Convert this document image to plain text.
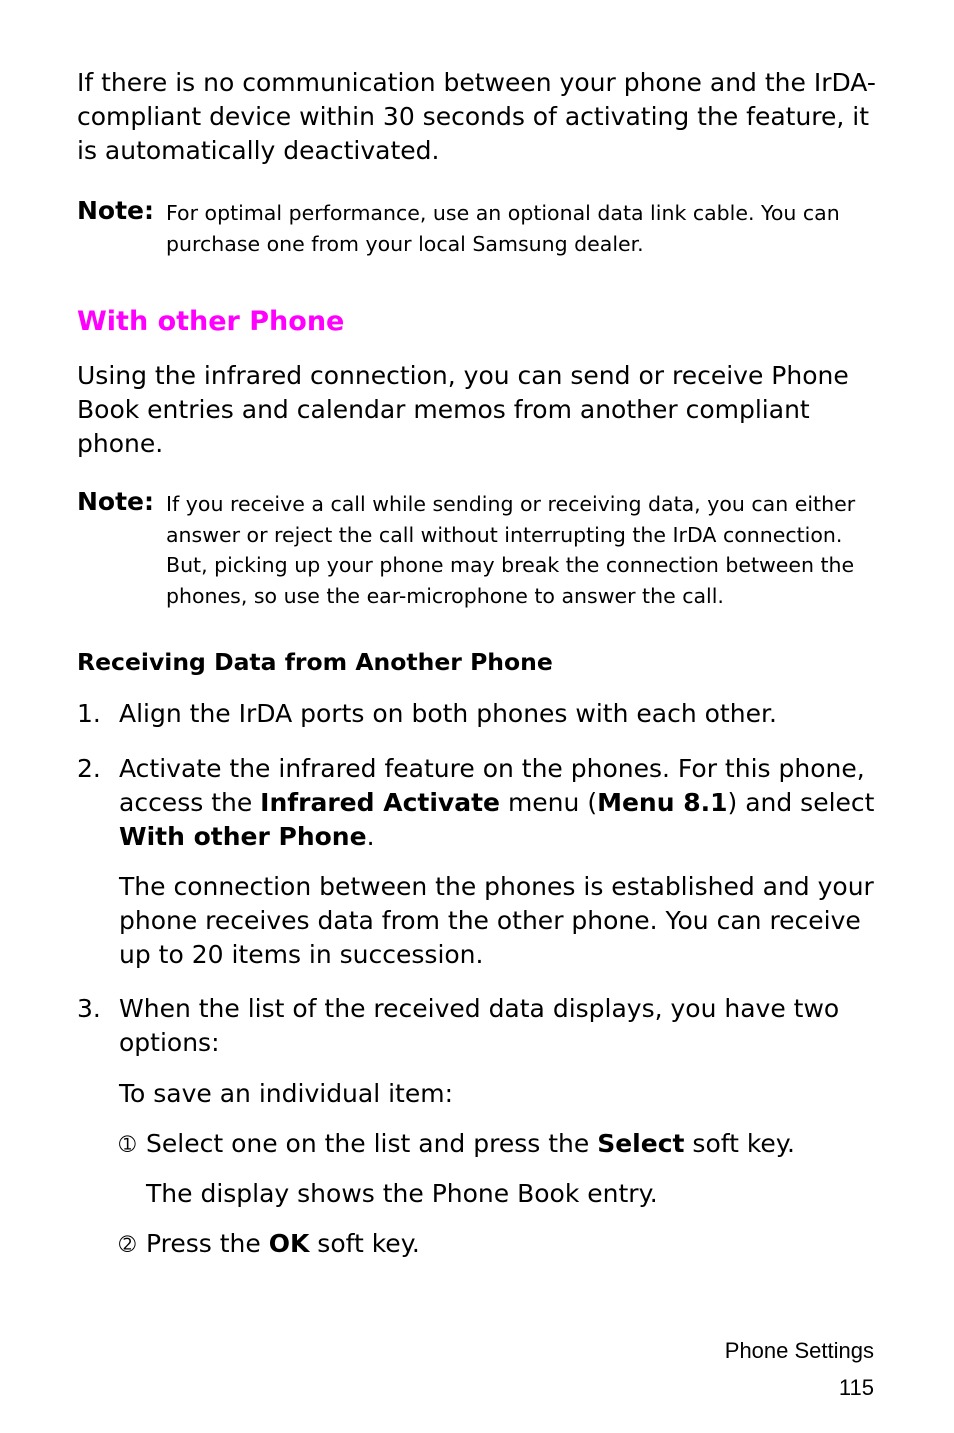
If there is no communication between your phone and the IrDA-compliant device within 30 seconds of activating the feature, it is automatically deactivated.

Note: For optimal performance, use an optional data link cable. You can purchase one from your local Samsung dealer.
With other Phone

Using the infrared connection, you can send or receive Phone Book entries and calendar memos from another compliant phone.

Note: If you receive a call while sending or receiving data, you can either answer or reject the call without interrupting the IrDA connection. But, picking up your phone may break the connection between the phones, so use the ear-microphone to answer the call.
Receiving Data from Another Phone
1. Align the IrDA ports on both phones with each other.
2. Activate the infrared feature on the phones. For this phone, access the Infrared Activate menu (Menu 8.1) and select With other Phone.

The connection between the phones is established and your phone receives data from the other phone. You can receive up to 20 items in succession.

3. When the list of the received data displays, you have two options:

To save an individual item:

➀ Select one on the list and press the Select soft key.

The display shows the Phone Book entry.

➁ Press the OK soft key.
Phone Settings
115
